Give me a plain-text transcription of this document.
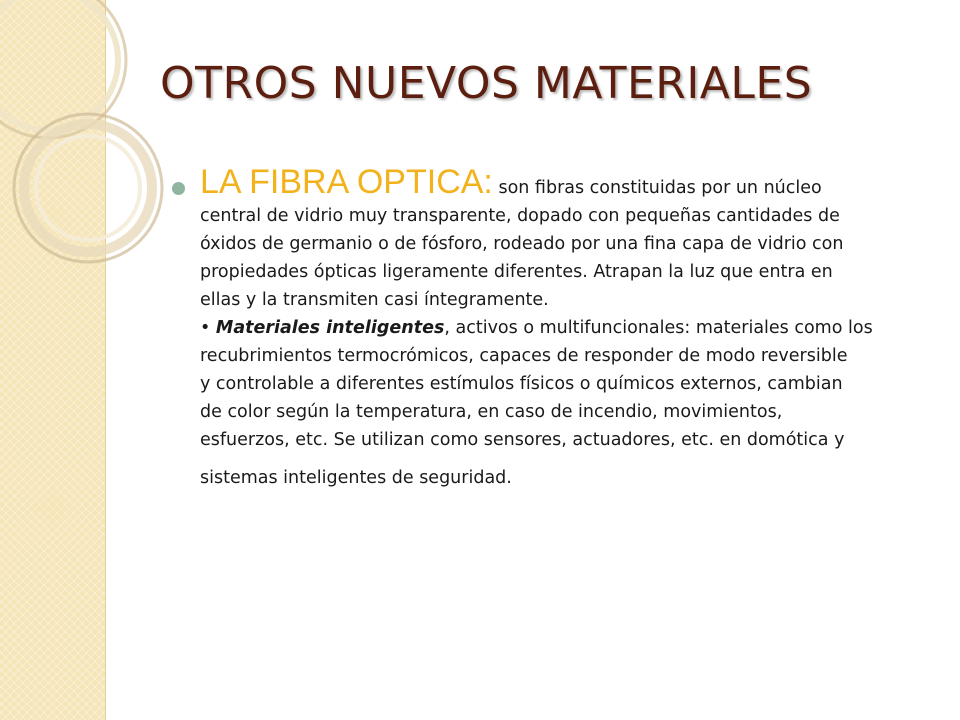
OTROS NUEVOS MATERIALES
LA FIBRA OPTICA: son fibras constituidas por un núcleo
central de vidrio muy transparente, dopado con pequeñas cantidades de
óxidos de germanio o de fósforo, rodeado por una fina capa de vidrio con
propiedades ópticas ligeramente diferentes. Atrapan la luz que entra en
ellas y la transmiten casi íntegramente.
• Materiales inteligentes, activos o multifuncionales: materiales como los
recubrimientos termocrómicos, capaces de responder de modo reversible
y controlable a diferentes estímulos físicos o químicos externos, cambian
de color según la temperatura, en caso de incendio, movimientos,
esfuerzos, etc. Se utilizan como sensores, actuadores, etc. en domótica y
sistemas inteligentes de seguridad.
